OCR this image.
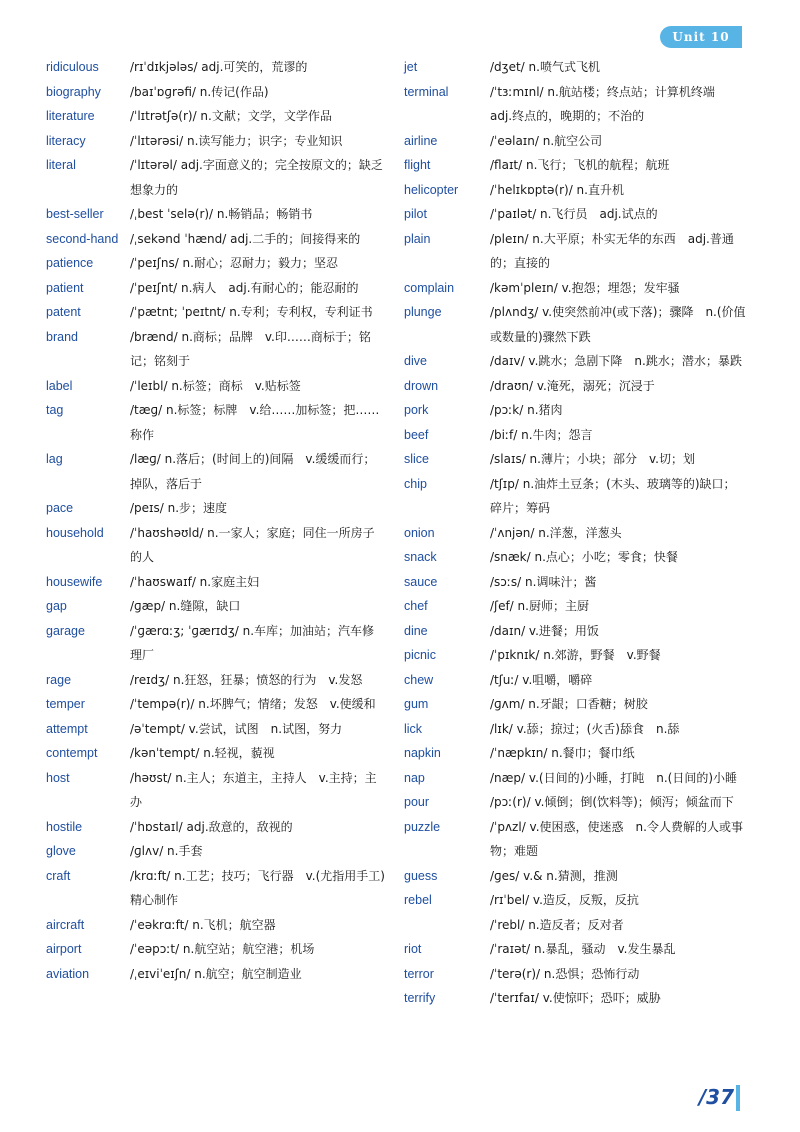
Unit 10
ridiculous	/rɪˈdɪkjələs/ adj.可笑的，荒谬的
biography	/baɪˈɒɡrəfi/ n.传记(作品)
literature	/ˈlɪtrətʃə(r)/ n.文献；文学，文学作品
literacy	/ˈlɪtərəsi/ n.读写能力；识字；专业知识
literal	/ˈlɪtərəl/ adj.字面意义的；完全按原文的；缺乏想象力的
best-seller	/ˌbest ˈselə(r)/ n.畅销品；畅销书
second-hand /ˌsekənd ˈhænd/ adj.二手的；间接得来的
patience	/ˈpeɪʃns/ n.耐心；忍耐力；毅力；坚忍
patient	/ˈpeɪʃnt/ n.病人　adj.有耐心的；能忍耐的
patent	/ˈpætnt; ˈpeɪtnt/ n.专利；专利权，专利证书
brand	/brænd/ n.商标；品牌　v.印……商标于；铭记；铭刻于
label	/ˈleɪbl/ n.标签；商标　v.贴标签
tag	/tæɡ/ n.标签；标牌　v.给……加标签；把……称作
lag	/læɡ/ n.落后；(时间上的)间隔　v.缓缓而行；掉队，落后于
pace	/peɪs/ n.步；速度
household	/ˈhaʊshəʊld/ n.一家人；家庭；同住一所房子的人
housewife	/ˈhaʊswaɪf/ n.家庭主妇
gap	/ɡæp/ n.缝隙，缺口
garage	/ˈɡærɑːʒ; ˈɡærɪdʒ/ n.车库；加油站；汽车修理厂
rage	/reɪdʒ/ n.狂怒，狂暴；愤怒的行为　v.发怒
temper	/ˈtempə(r)/ n.坏脾气；情绪；发怒　v.使缓和
attempt	/əˈtempt/ v.尝试，试图　n.试图，努力
contempt	/kənˈtempt/ n.轻视，藐视
host	/həʊst/ n.主人；东道主，主持人　v.主持；主办
hostile	/ˈhɒstaɪl/ adj.敌意的，敌视的
glove	/ɡlʌv/ n.手套
craft	/krɑːft/ n.工艺；技巧；飞行器　v.(尤指用手工)精心制作
aircraft	/ˈeəkrɑːft/ n.飞机；航空器
airport	/ˈeəpɔːt/ n.航空站；航空港；机场
aviation	/ˌeɪviˈeɪʃn/ n.航空；航空制造业
jet	/dʒet/ n.喷气式飞机
terminal	/ˈtɜːmɪnl/ n.航站楼；终点站；计算机终端　adj.终点的，晚期的；不治的
airline	/ˈeəlaɪn/ n.航空公司
flight	/flaɪt/ n.飞行；飞机的航程；航班
helicopter	/ˈhelɪkɒptə(r)/ n.直升机
pilot	/ˈpaɪlət/ n.飞行员　adj.试点的
plain	/pleɪn/ n.大平原；朴实无华的东西　adj.普通的；直接的
complain	/kəmˈpleɪn/ v.抱怨；埋怨；发牢骚
plunge	/plʌndʒ/ v.使突然前冲(或下落)；骤降　n.(价值或数量的)骤然下跌
dive	/daɪv/ v.跳水；急剧下降　n.跳水；潜水；暴跌
drown	/draʊn/ v.淹死，溺死；沉浸于
pork	/pɔːk/ n.猪肉
beef	/biːf/ n.牛肉；怨言
slice	/slaɪs/ n.薄片；小块；部分　v.切；划
chip	/tʃɪp/ n.油炸土豆条；(木头、玻璃等的)缺口；碎片；筹码
onion	/ˈʌnjən/ n.洋葱，洋葱头
snack	/snæk/ n.点心；小吃；零食；快餐
sauce	/sɔːs/ n.调味汁；酱
chef	/ʃef/ n.厨师；主厨
dine	/daɪn/ v.进餐；用饭
picnic	/ˈpɪknɪk/ n.郊游，野餐　v.野餐
chew	/tʃuː/ v.咀嚼，嚼碎
gum	/ɡʌm/ n.牙龈；口香糖；树胶
lick	/lɪk/ v.舔；掠过；(火舌)舔食　n.舔
napkin	/ˈnæpkɪn/ n.餐巾；餐巾纸
nap	/næp/ v.(日间的)小睡，打盹　n.(日间的)小睡
pour	/pɔː(r)/ v.倾倒；倒(饮料等)；倾泻；倾盆而下
puzzle	/ˈpʌzl/ v.使困惑，使迷惑　n.令人费解的人或事物；难题
guess	/ɡes/ v.& n.猜测，推测
rebel	/rɪˈbel/ v.造反，反叛，反抗
/ˈrebl/ n.造反者；反对者
riot	/ˈraɪət/ n.暴乱，骚动　v.发生暴乱
terror	/ˈterə(r)/ n.恐惧；恐怖行动
terrify	/ˈterɪfaɪ/ v.使惊吓；恐吓；威胁
/37
